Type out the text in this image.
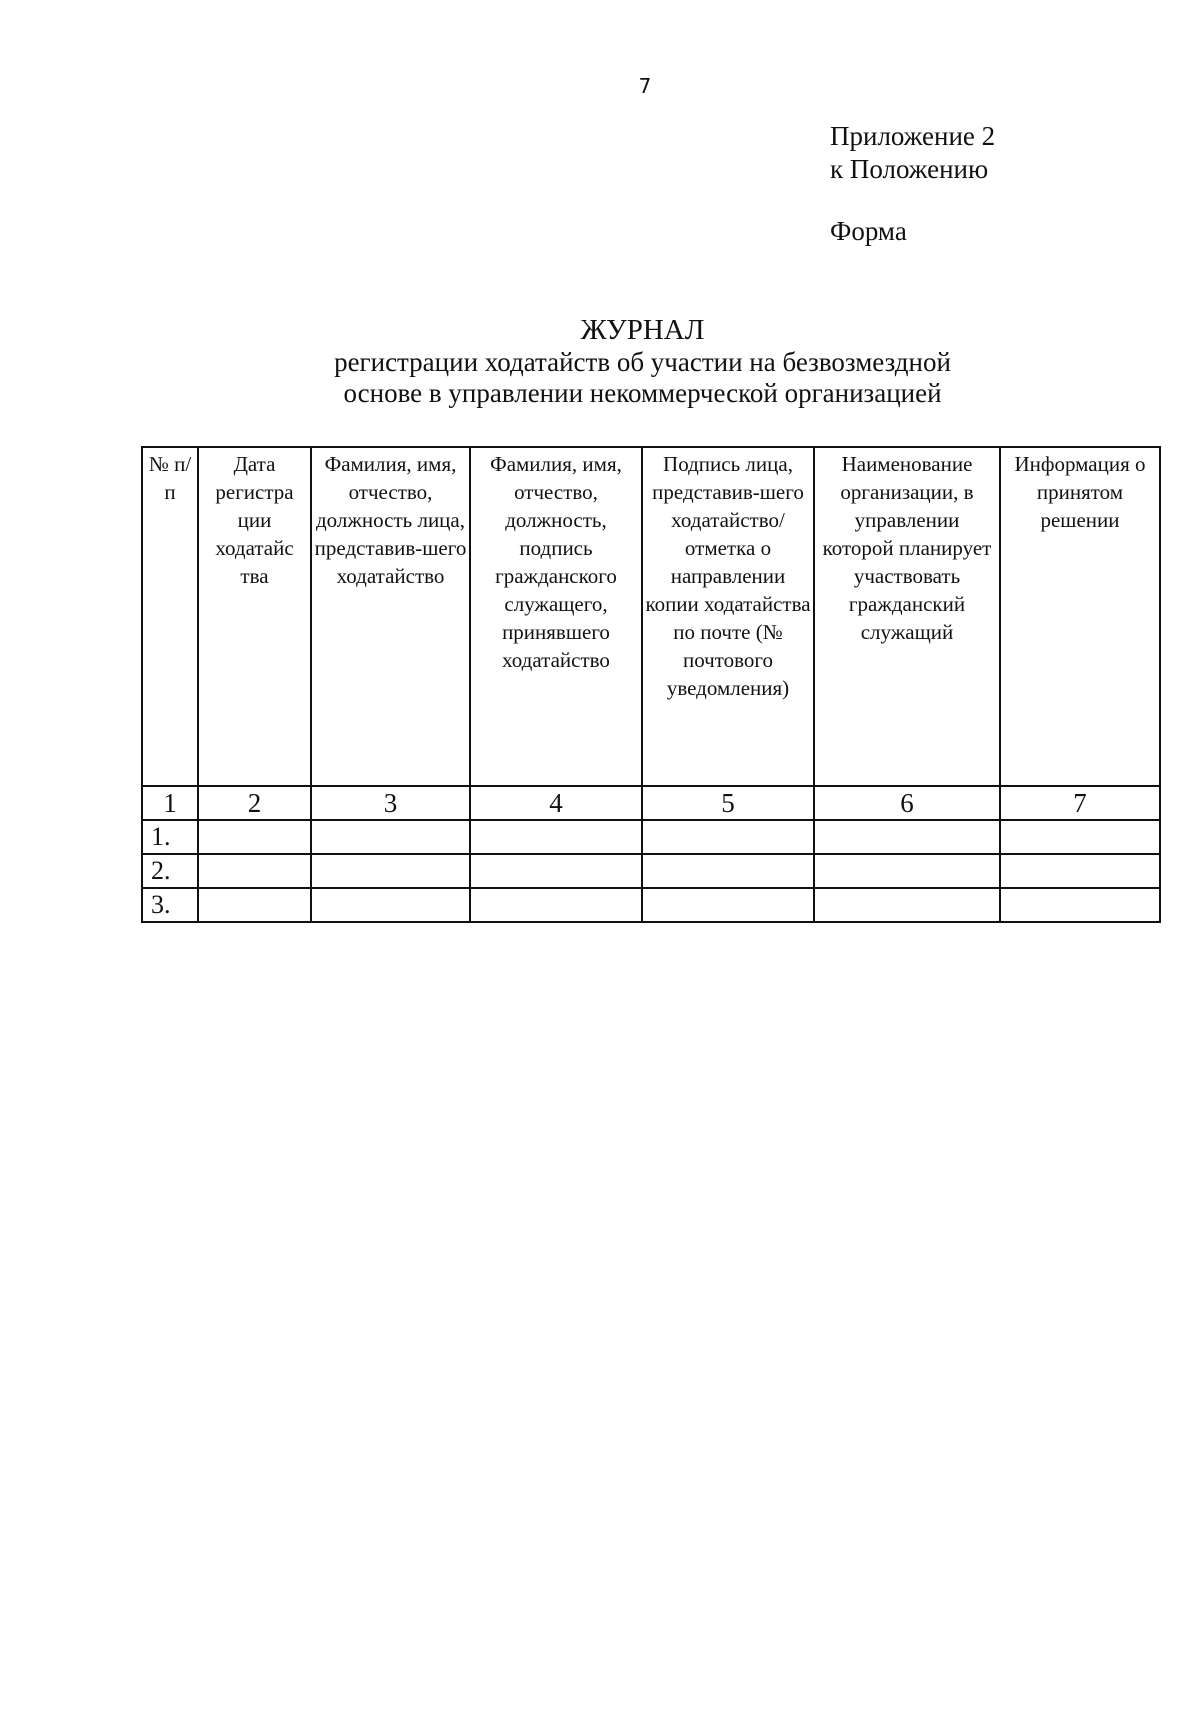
7
Приложение 2
к Положению
Форма
ЖУРНАЛ
регистрации ходатайств об участии на безвозмездной
основе в управлении некоммерческой организацией
№ п/п	Дата регистра ции ходатайс тва	Фамилия, имя, отчество, должность лица, представив-шего ходатайство	Фамилия, имя, отчество, должность, подпись гражданского служащего, принявшего ходатайство	Подпись лица, представив-шего ходатайство/ отметка о направлении копии ходатайства по почте (№ почтового уведомления)	Наименование организации, в управлении которой планирует участвовать гражданский служащий	Информация о принятом решении
1	2	3	4	5	6	7
1.						
2.						
3.						
